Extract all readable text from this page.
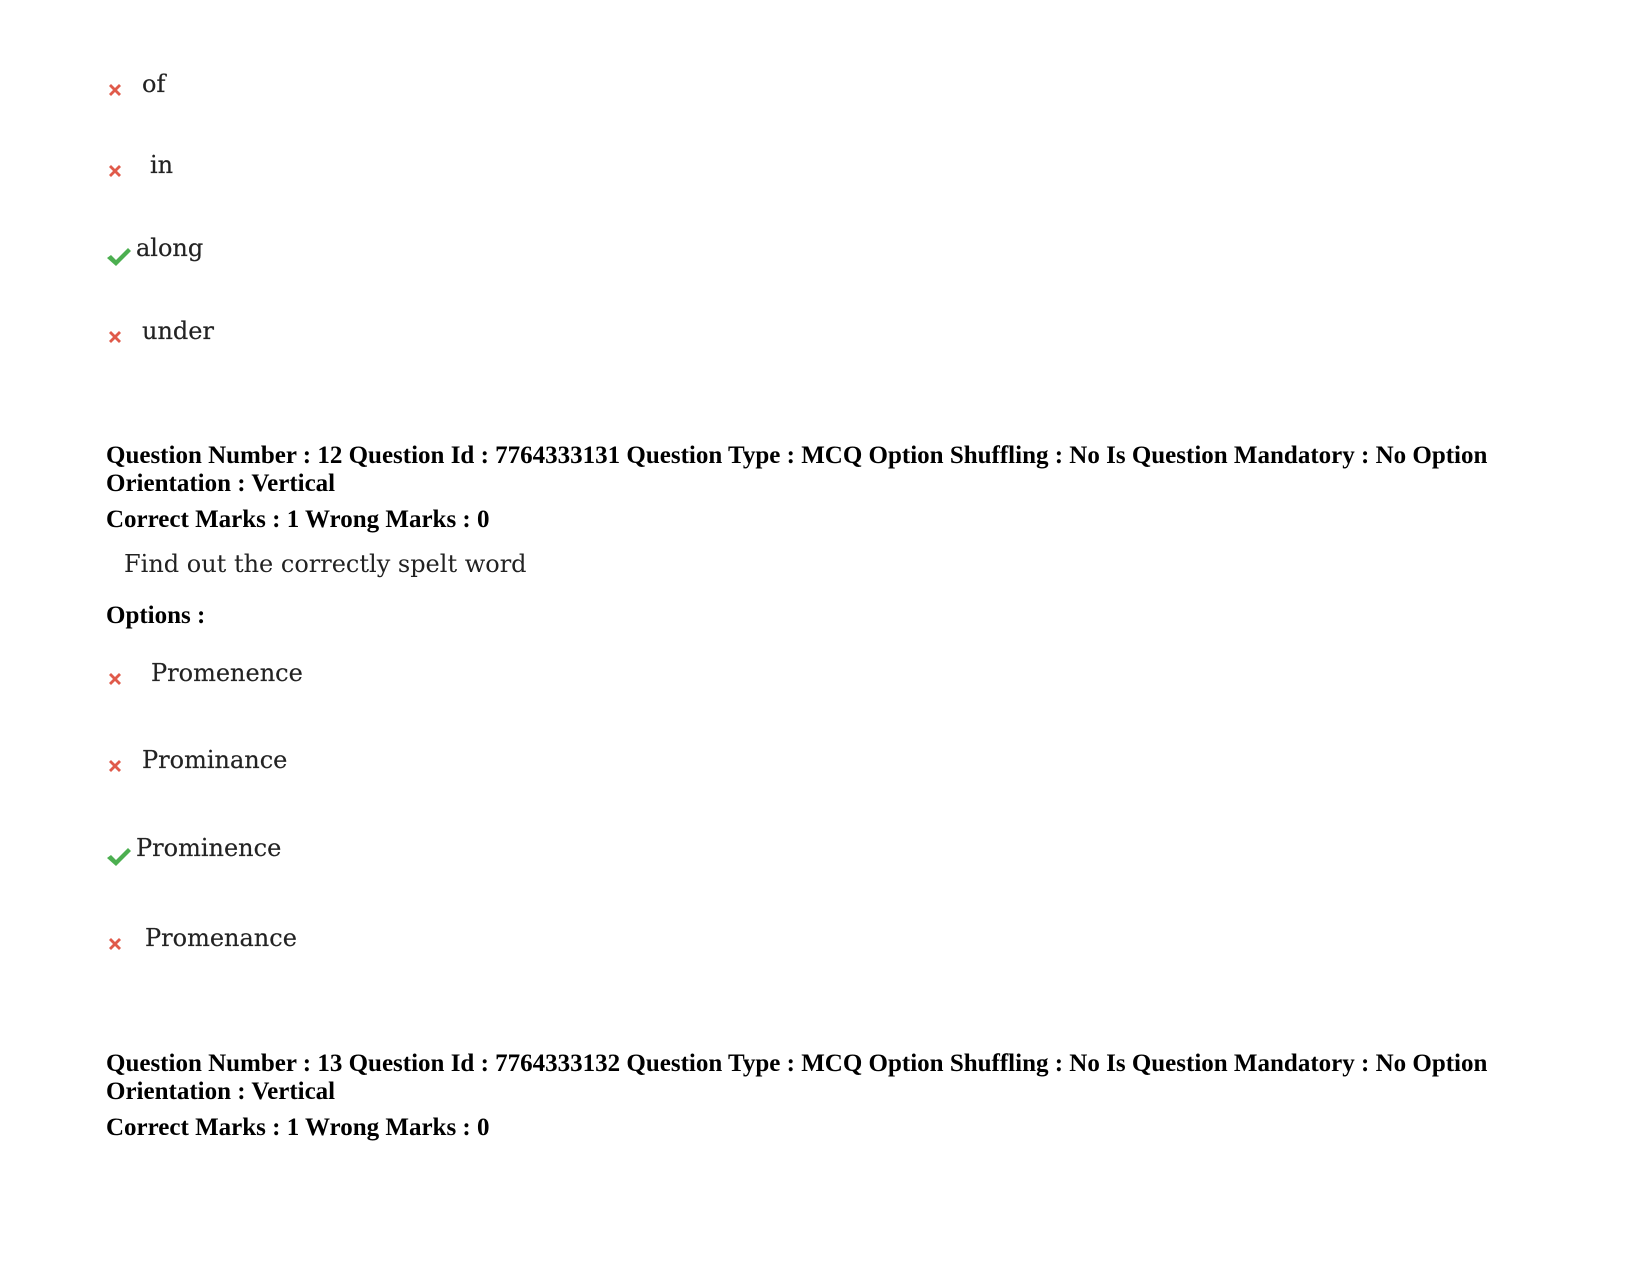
of
in
along
under
Question Number : 12 Question Id : 7764333131 Question Type : MCQ Option Shuffling : No Is Question Mandatory : No Option Orientation : Vertical
Correct Marks : 1 Wrong Marks : 0
Find out the correctly spelt word
Options :
Promenence
Prominance
Prominence
Promenance
Question Number : 13 Question Id : 7764333132 Question Type : MCQ Option Shuffling : No Is Question Mandatory : No Option Orientation : Vertical
Correct Marks : 1 Wrong Marks : 0
